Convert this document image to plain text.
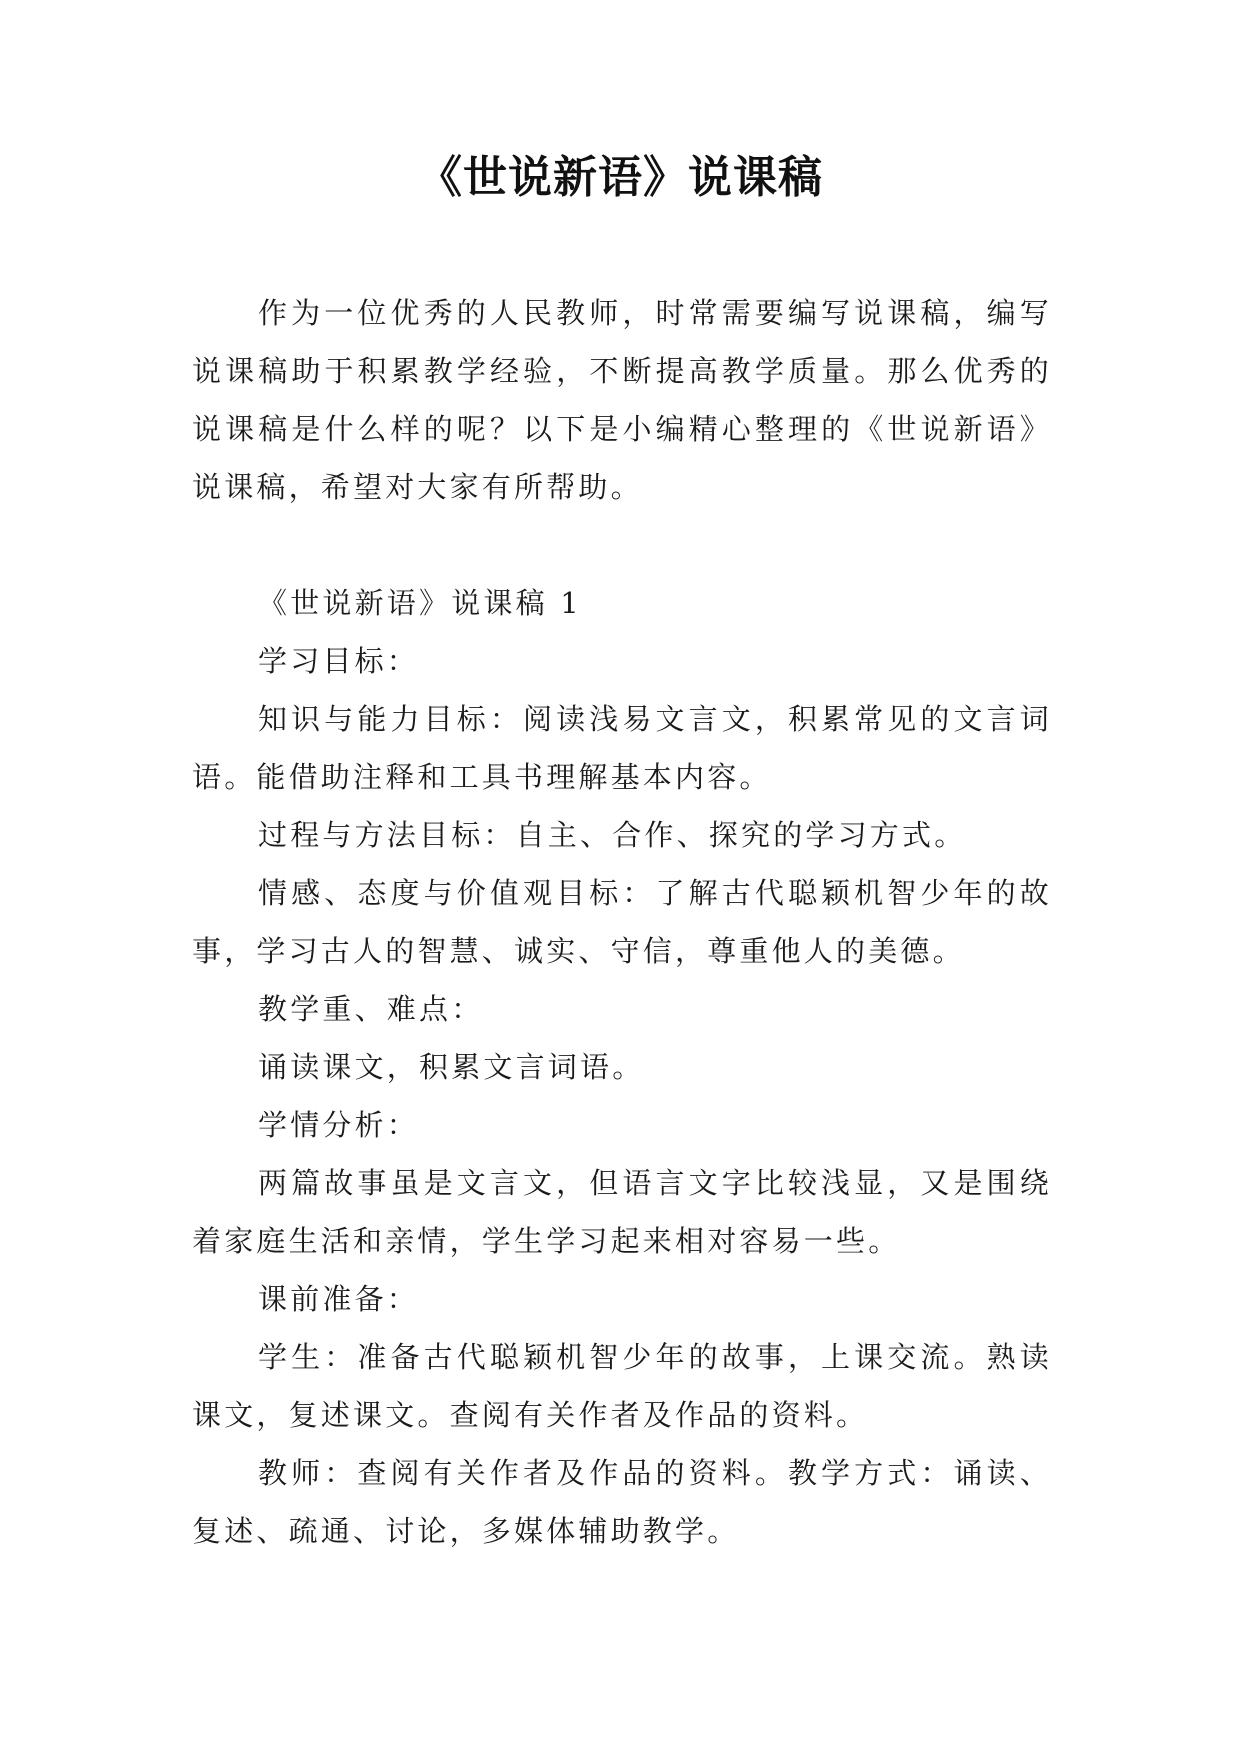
《世说新语》说课稿

作为一位优秀的人民教师，时常需要编写说课稿，编写说课稿助于积累教学经验，不断提高教学质量。那么优秀的说课稿是什么样的呢？以下是小编精心整理的《世说新语》说课稿，希望对大家有所帮助。

《世说新语》说课稿 1

学习目标：

知识与能力目标：阅读浅易文言文，积累常见的文言词语。能借助注释和工具书理解基本内容。

过程与方法目标：自主、合作、探究的学习方式。

情感、态度与价值观目标：了解古代聪颖机智少年的故事，学习古人的智慧、诚实、守信，尊重他人的美德。

教学重、难点：

诵读课文，积累文言词语。

学情分析：

两篇故事虽是文言文，但语言文字比较浅显，又是围绕着家庭生活和亲情，学生学习起来相对容易一些。

课前准备：

学生：准备古代聪颖机智少年的故事，上课交流。熟读课文，复述课文。查阅有关作者及作品的资料。

教师：查阅有关作者及作品的资料。教学方式：诵读、复述、疏通、讨论，多媒体辅助教学。
